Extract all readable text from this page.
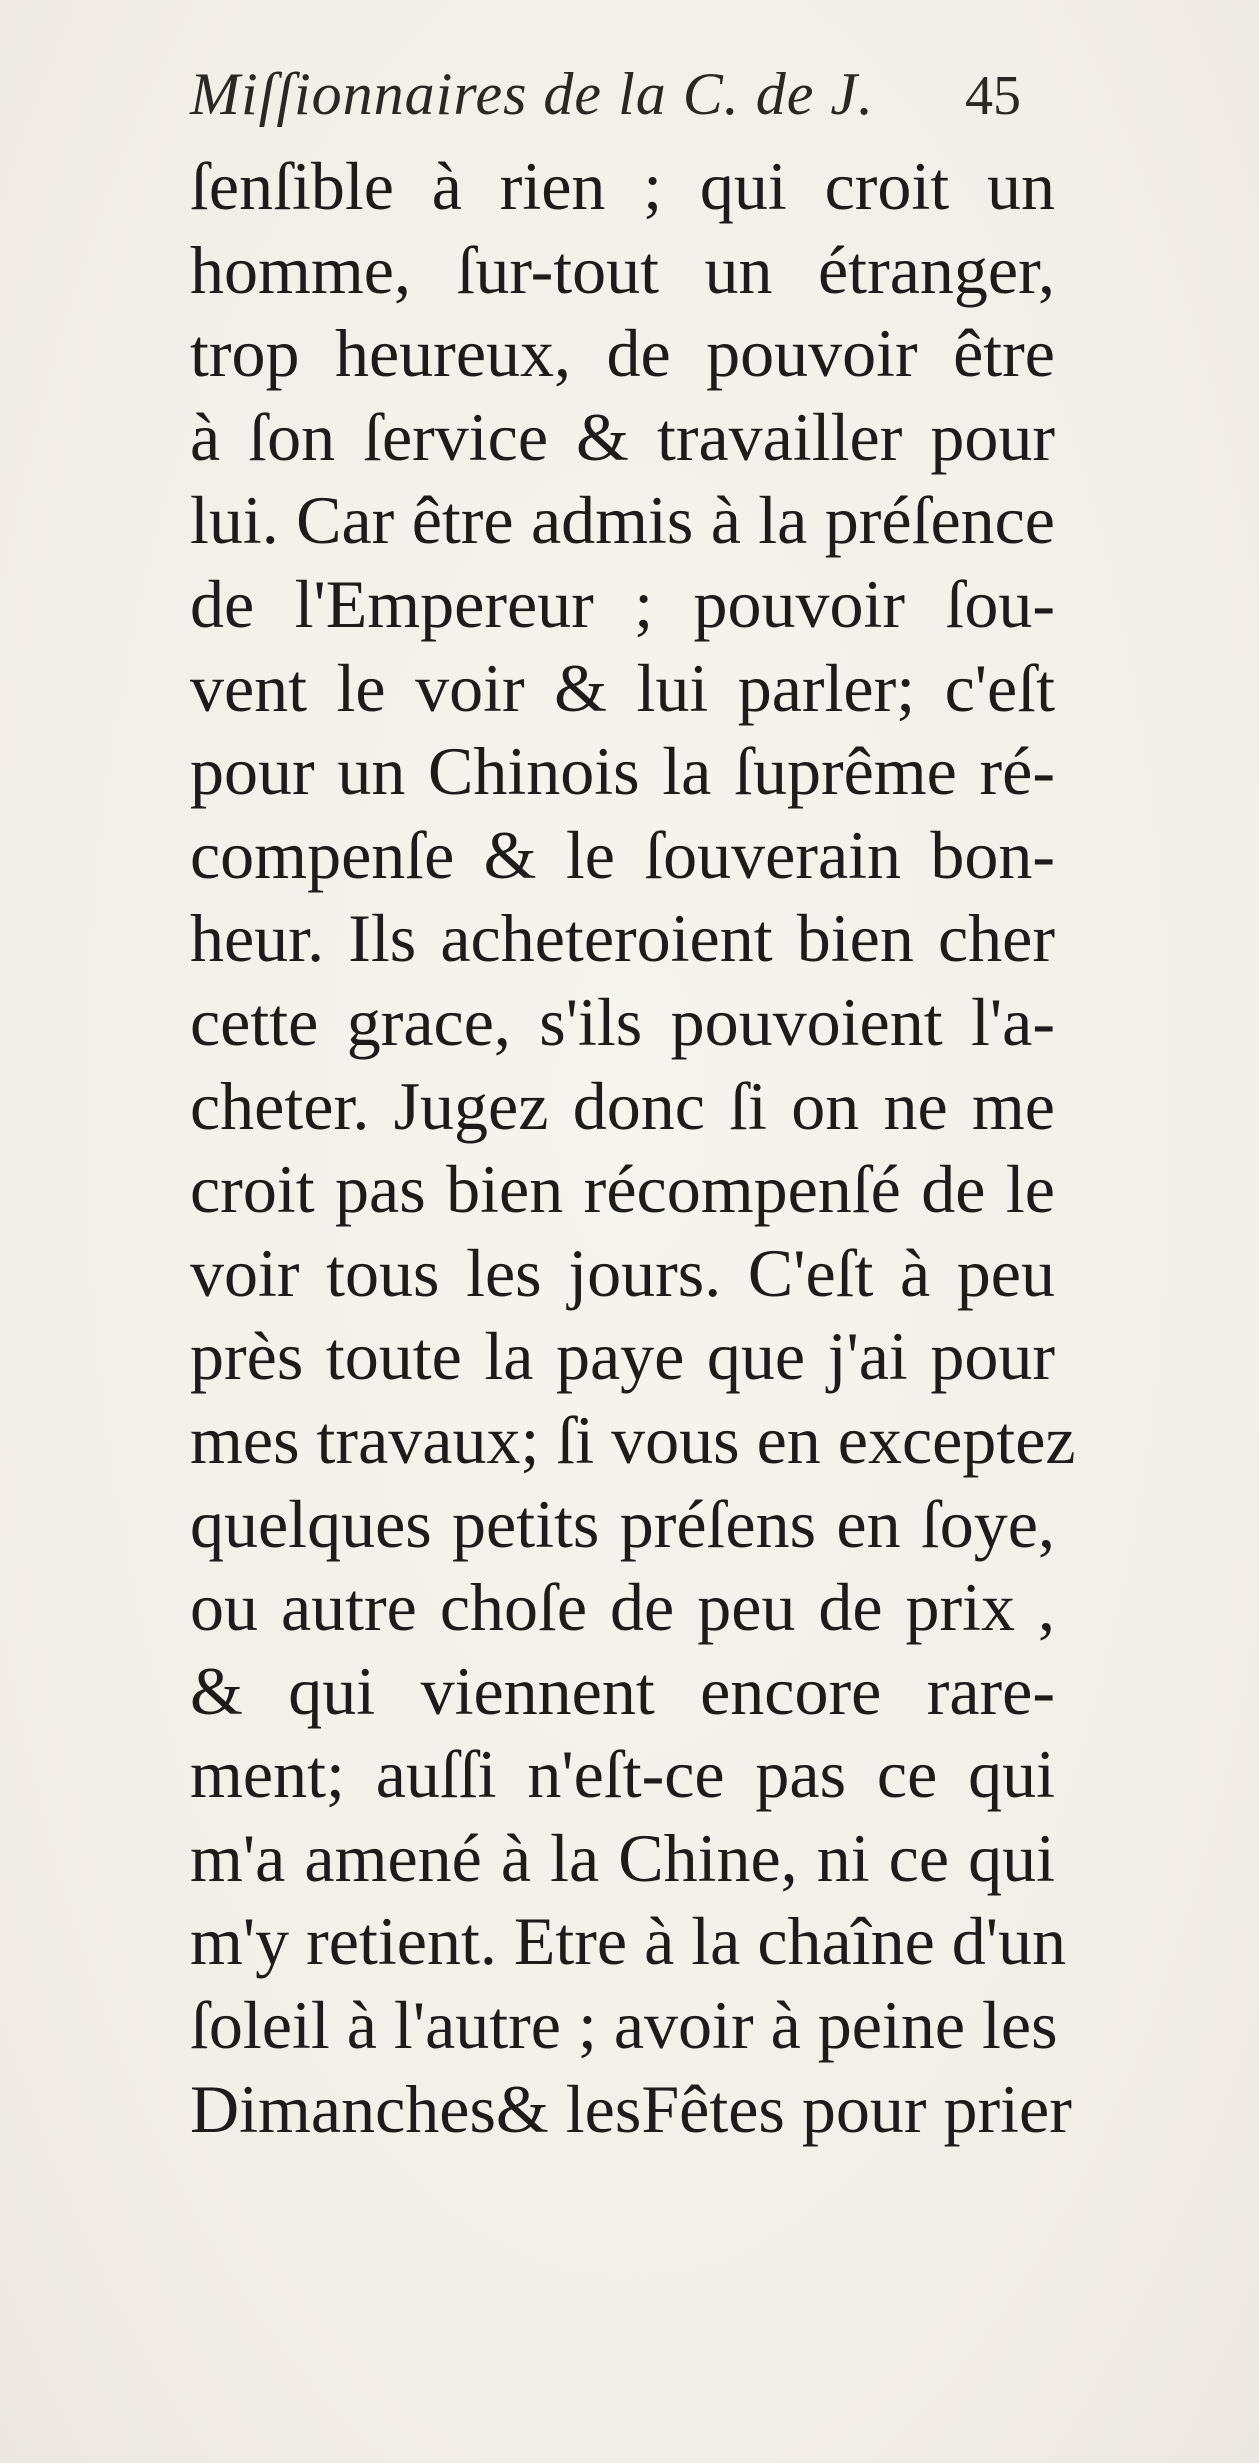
Miſſionnaires de la C. de J. 45
ſenſible à rien ; qui croit un
homme, ſur-tout un étranger,
trop heureux, de pouvoir être
à ſon ſervice & travailler pour
lui. Car être admis à la préſence
de l'Empereur ; pouvoir ſou-
vent le voir & lui parler; c'eſt
pour un Chinois la ſuprême ré-
compenſe & le ſouverain bon-
heur. Ils acheteroient bien cher
cette grace, s'ils pouvoient l'a-
cheter. Jugez donc ſi on ne me
croit pas bien récompenſé de le
voir tous les jours. C'eſt à peu
près toute la paye que j'ai pour
mes travaux; ſi vous en exceptez
quelques petits préſens en ſoye,
ou autre choſe de peu de prix ,
& qui viennent encore rare-
ment; auſſi n'eſt-ce pas ce qui
m'a amené à la Chine, ni ce qui
m'y retient. Etre à la chaîne d'un
ſoleil à l'autre ; avoir à peine les
Dimanches& lesFêtes pour prier
